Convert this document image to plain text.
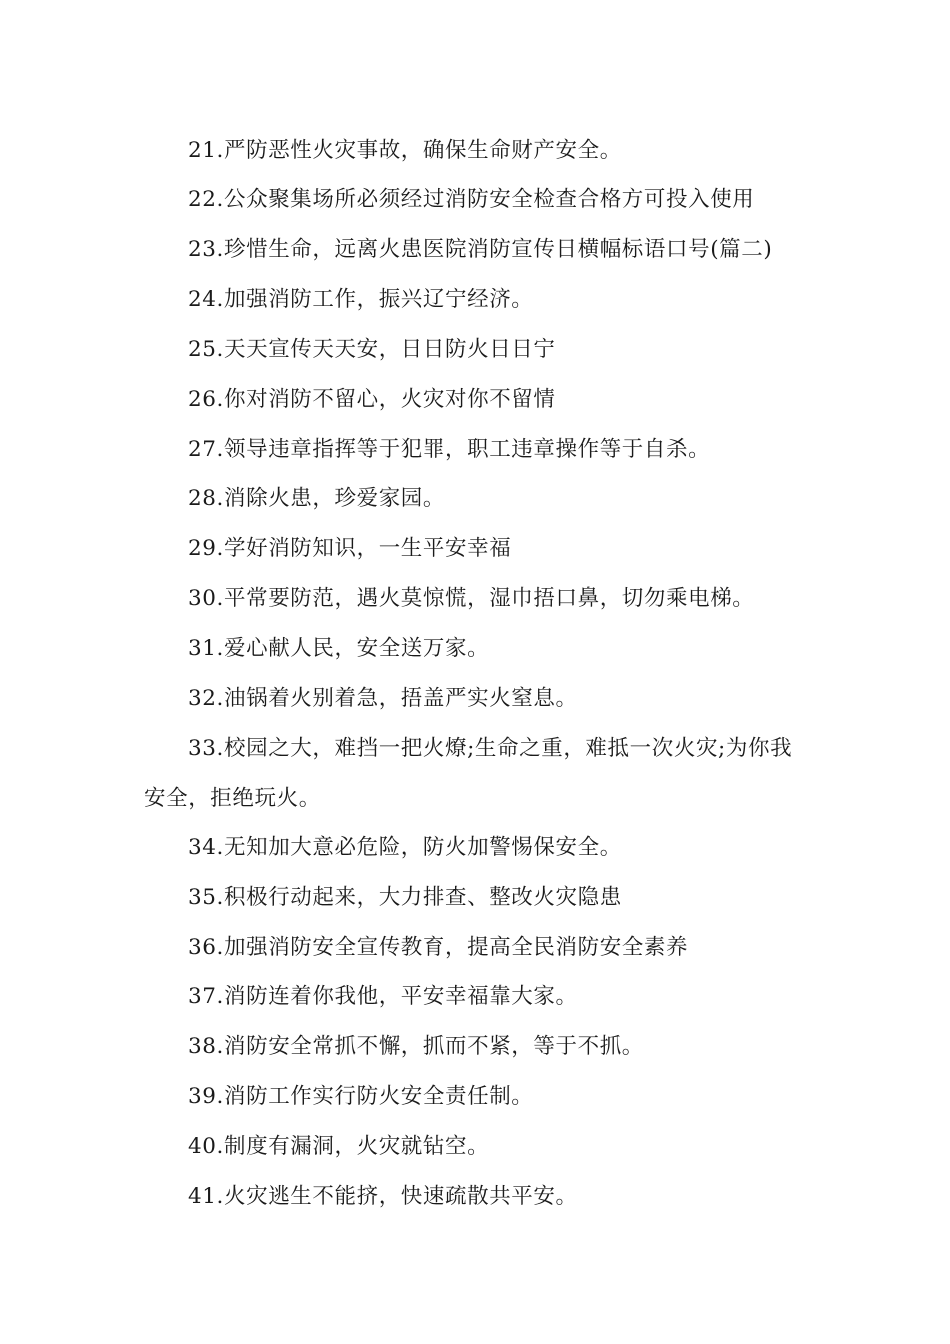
21.严防恶性火灾事故，确保生命财产安全。
22.公众聚集场所必须经过消防安全检查合格方可投入使用
23.珍惜生命，远离火患医院消防宣传日横幅标语口号(篇二)
24.加强消防工作，振兴辽宁经济。
25.天天宣传天天安，日日防火日日宁
26.你对消防不留心，火灾对你不留情
27.领导违章指挥等于犯罪，职工违章操作等于自杀。
28.消除火患，珍爱家园。
29.学好消防知识，一生平安幸福
30.平常要防范，遇火莫惊慌，湿巾捂口鼻，切勿乘电梯。
31.爱心献人民，安全送万家。
32.油锅着火别着急，捂盖严实火窒息。
33.校园之大，难挡一把火燎;生命之重，难抵一次火灾;为你我
安全，拒绝玩火。
34.无知加大意必危险，防火加警惕保安全。
35.积极行动起来，大力排查、整改火灾隐患
36.加强消防安全宣传教育，提高全民消防安全素养
37.消防连着你我他，平安幸福靠大家。
38.消防安全常抓不懈，抓而不紧，等于不抓。
39.消防工作实行防火安全责任制。
40.制度有漏洞，火灾就钻空。
41.火灾逃生不能挤，快速疏散共平安。
